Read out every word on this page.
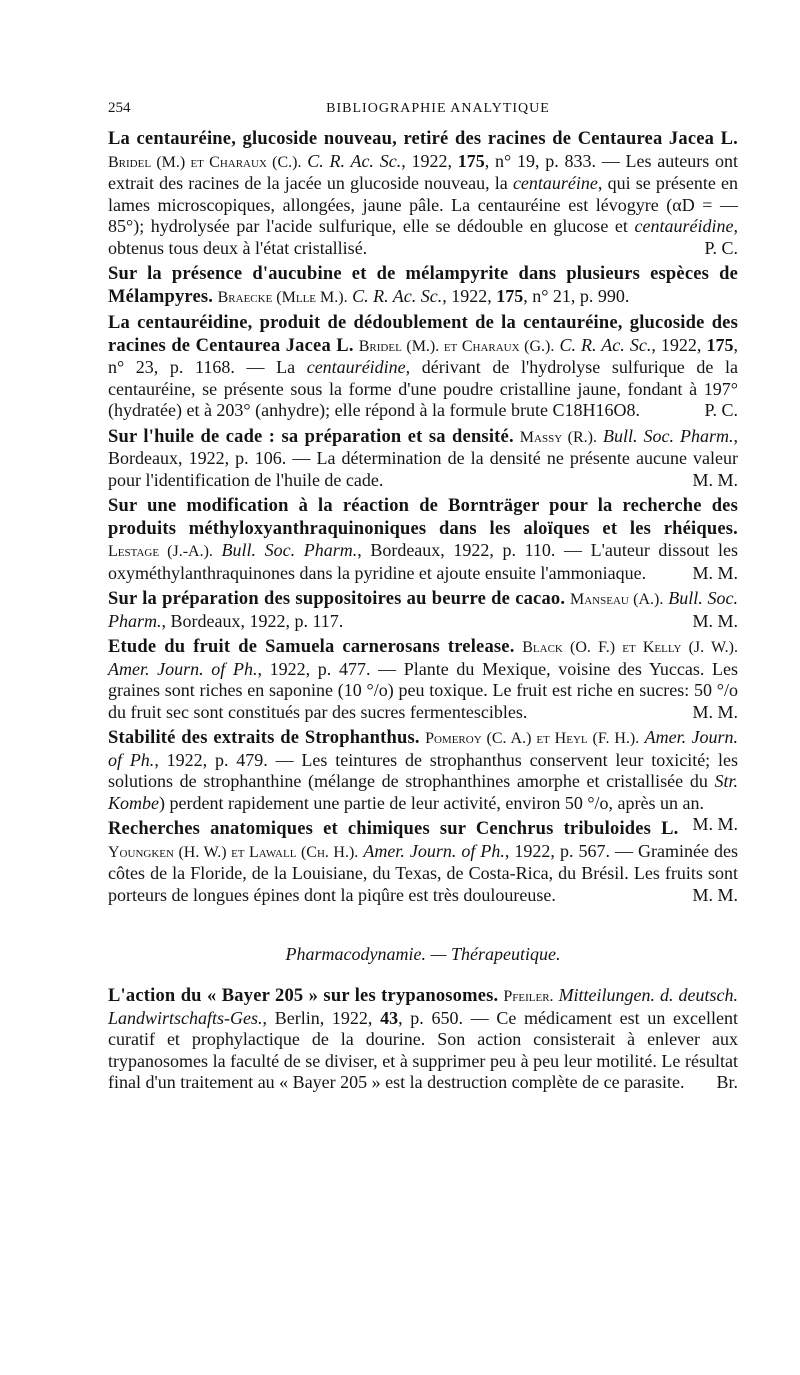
254	BIBLIOGRAPHIE ANALYTIQUE

La centauréine, glucoside nouveau, retiré des racines de Centaurea Jacea L. Bridel (M.) et Charaux (C.). C. R. Ac. Sc., 1922, 175, n° 19, p. 833. — Les auteurs ont extrait des racines de la jacée un glucoside nouveau, la centauréine, qui se présente en lames microscopiques, allongées, jaune pâle. La centauréine est lévogyre (αD = — 85°); hydrolysée par l'acide sulfurique, elle se dédouble en glucose et centauréidine, obtenus tous deux à l'état cristallisé.	P. C.

Sur la présence d'aucubine et de mélampyrite dans plusieurs espèces de Mélampyres. Braecke (Mlle M.). C. R. Ac. Sc., 1922, 175, n° 21, p. 990.

La centauréidine, produit de dédoublement de la centauréine, glucoside des racines de Centaurea Jacea L. Bridel (M.). et Charaux (G.). C. R. Ac. Sc., 1922, 175, n° 23, p. 1168. — La centauréidine, dérivant de l'hydrolyse sulfurique de la centauréine, se présente sous la forme d'une poudre cristalline jaune, fondant à 197° (hydratée) et à 203° (anhydre); elle répond à la formule brute C18H16O8.	P. C.

Sur l'huile de cade : sa préparation et sa densité. Massy (R.). Bull. Soc. Pharm., Bordeaux, 1922, p. 106. — La détermination de la densité ne présente aucune valeur pour l'identification de l'huile de cade.	M. M.

Sur une modification à la réaction de Bornträger pour la recherche des produits méthyloxyanthraquinoniques dans les aloïques et les rhéiques. Lestage (J.-A.). Bull. Soc. Pharm., Bordeaux, 1922, p. 110. — L'auteur dissout les oxyméthylanthraquinones dans la pyridine et ajoute ensuite l'ammoniaque.	M. M.

Sur la préparation des suppositoires au beurre de cacao. Manseau (A.). Bull. Soc. Pharm., Bordeaux, 1922, p. 117.	M. M.

Etude du fruit de Samuela carnerosans trelease. Black (O. F.) et Kelly (J. W.). Amer. Journ. of Ph., 1922, p. 477. — Plante du Mexique, voisine des Yuccas. Les graines sont riches en saponine (10 °/o) peu toxique. Le fruit est riche en sucres: 50 °/o du fruit sec sont constitués par des sucres fermentescibles.	M. M.

Stabilité des extraits de Strophanthus. Pomeroy (C. A.) et Heyl (F. H.). Amer. Journ. of Ph., 1922, p. 479. — Les teintures de strophanthus conservent leur toxicité; les solutions de strophanthine (mélange de strophanthines amorphe et cristallisée du Str. Kombe) perdent rapidement une partie de leur activité, environ 50 °/o, après un an.
M. M.

Recherches anatomiques et chimiques sur Cenchrus tribuloides L. Youngken (H. W.) et Lawall (Ch. H.). Amer. Journ. of Ph., 1922, p. 567. — Graminée des côtes de la Floride, de la Louisiane, du Texas, de Costa-Rica, du Brésil. Les fruits sont porteurs de longues épines dont la piqûre est très douloureuse.	M. M.

Pharmacodynamie. — Thérapeutique.

L'action du « Bayer 205 » sur les trypanosomes. Pfeiler. Mitteilungen. d. deutsch. Landwirtschafts-Ges., Berlin, 1922, 43, p. 650. — Ce médicament est un excellent curatif et prophylactique de la dourine. Son action consisterait à enlever aux trypanosomes la faculté de se diviser, et à supprimer peu à peu leur motilité. Le résultat final d'un traitement au « Bayer 205 » est la destruction complète de ce parasite. Br.
